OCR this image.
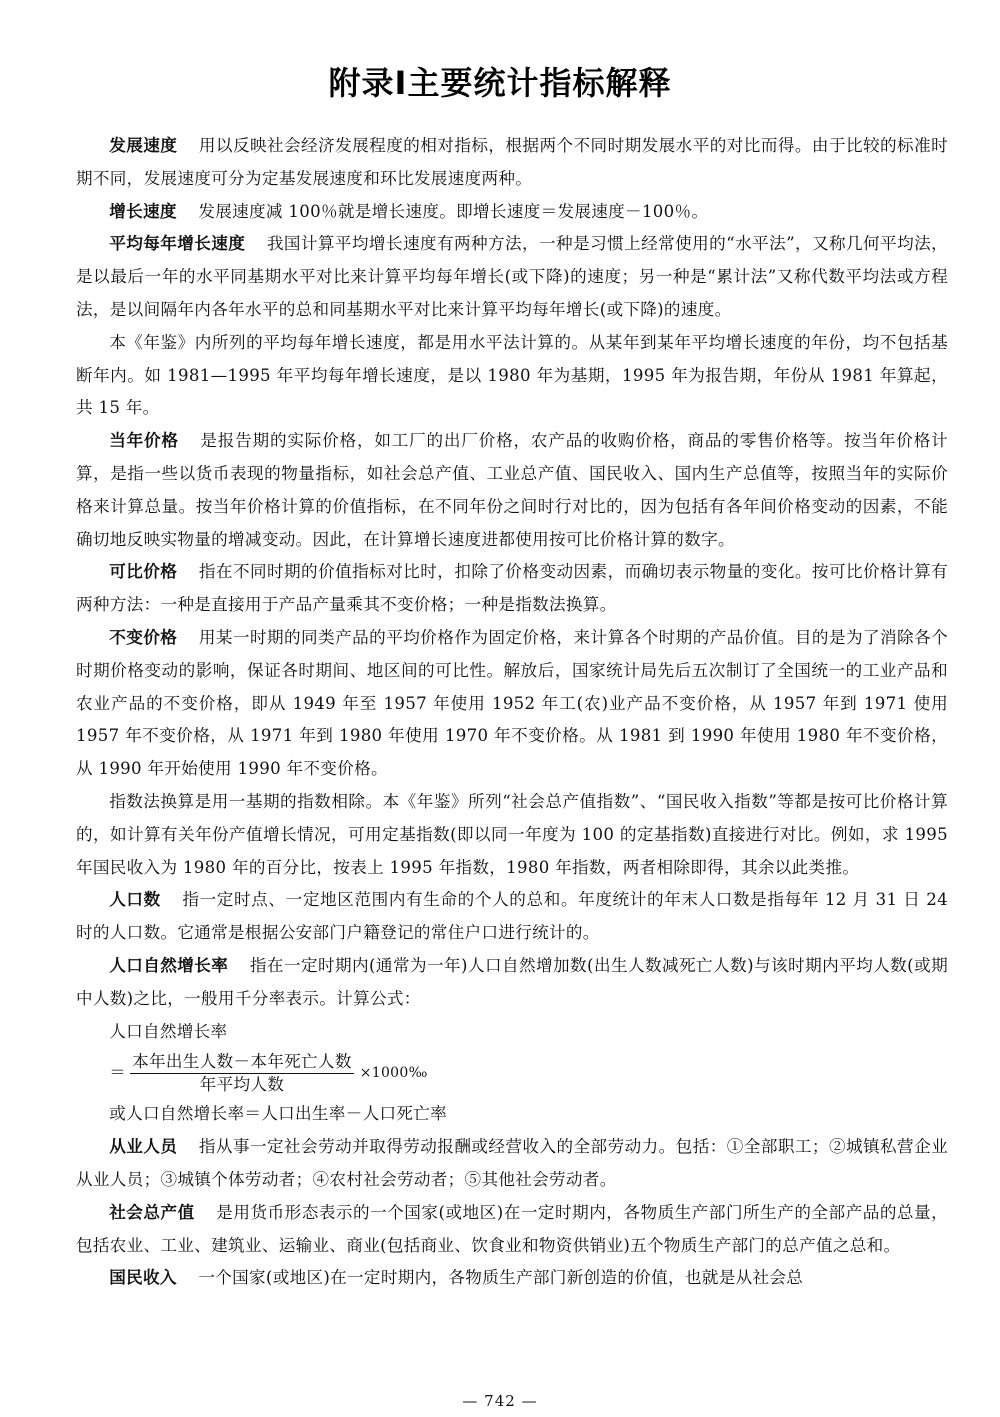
附录Ⅰ主要统计指标解释

发展速度 用以反映社会经济发展程度的相对指标，根据两个不同时期发展水平的对比而得。由于比较的标准时期不同，发展速度可分为定基发展速度和环比发展速度两种。

增长速度 发展速度减 100％就是增长速度。即增长速度＝发展速度－100％。

平均每年增长速度 我国计算平均增长速度有两种方法，一种是习惯上经常使用的“水平法”，又称几何平均法，是以最后一年的水平同基期水平对比来计算平均每年增长(或下降)的速度；另一种是“累计法”又称代数平均法或方程法，是以间隔年内各年水平的总和同基期水平对比来计算平均每年增长(或下降)的速度。

本《年鉴》内所列的平均每年增长速度，都是用水平法计算的。从某年到某年平均增长速度的年份，均不包括基断年内。如 1981—1995 年平均每年增长速度，是以 1980 年为基期，1995 年为报告期，年份从 1981 年算起，共 15 年。

当年价格 是报告期的实际价格，如工厂的出厂价格，农产品的收购价格，商品的零售价格等。按当年价格计算，是指一些以货币表现的物量指标，如社会总产值、工业总产值、国民收入、国内生产总值等，按照当年的实际价格来计算总量。按当年价格计算的价值指标，在不同年份之间时行对比的，因为包括有各年间价格变动的因素，不能确切地反映实物量的增减变动。因此，在计算增长速度进都使用按可比价格计算的数字。

可比价格 指在不同时期的价值指标对比时，扣除了价格变动因素，而确切表示物量的变化。按可比价格计算有两种方法：一种是直接用于产品产量乘其不变价格；一种是指数法换算。

不变价格 用某一时期的同类产品的平均价格作为固定价格，来计算各个时期的产品价值。目的是为了消除各个时期价格变动的影响，保证各时期间、地区间的可比性。解放后，国家统计局先后五次制订了全国统一的工业产品和农业产品的不变价格，即从 1949 年至 1957 年使用 1952 年工(农)业产品不变价格，从 1957 年到 1971 使用 1957 年不变价格，从 1971 年到 1980 年使用 1970 年不变价格。从 1981 到 1990 年使用 1980 年不变价格，从 1990 年开始使用 1990 年不变价格。

指数法换算是用一基期的指数相除。本《年鉴》所列“社会总产值指数”、“国民收入指数”等都是按可比价格计算的，如计算有关年份产值增长情况，可用定基指数(即以同一年度为 100 的定基指数)直接进行对比。例如，求 1995 年国民收入为 1980 年的百分比，按表上 1995 年指数，1980 年指数，两者相除即得，其余以此类推。

人口数 指一定时点、一定地区范围内有生命的个人的总和。年度统计的年末人口数是指每年 12 月 31 日 24 时的人口数。它通常是根据公安部门户籍登记的常住户口进行统计的。

人口自然增长率 指在一定时期内(通常为一年)人口自然增加数(出生人数减死亡人数)与该时期内平均人数(或期中人数)之比，一般用千分率表示。计算公式：

人口自然增长率
＝ $\frac{\text{本年出生人数－本年死亡人数}}{\text{年平均人数}}$ ×1000‰
或人口自然增长率＝人口出生率－人口死亡率

从业人员 指从事一定社会劳动并取得劳动报酬或经营收入的全部劳动力。包括：①全部职工；②城镇私营企业从业人员；③城镇个体劳动者；④农村社会劳动者；⑤其他社会劳动者。

社会总产值 是用货币形态表示的一个国家(或地区)在一定时期内，各物质生产部门所生产的全部产品的总量，包括农业、工业、建筑业、运输业、商业(包括商业、饮食业和物资供销业)五个物质生产部门的总产值之总和。

国民收入 一个国家(或地区)在一定时期内，各物质生产部门新创造的价值，也就是从社会总

— 742 —
